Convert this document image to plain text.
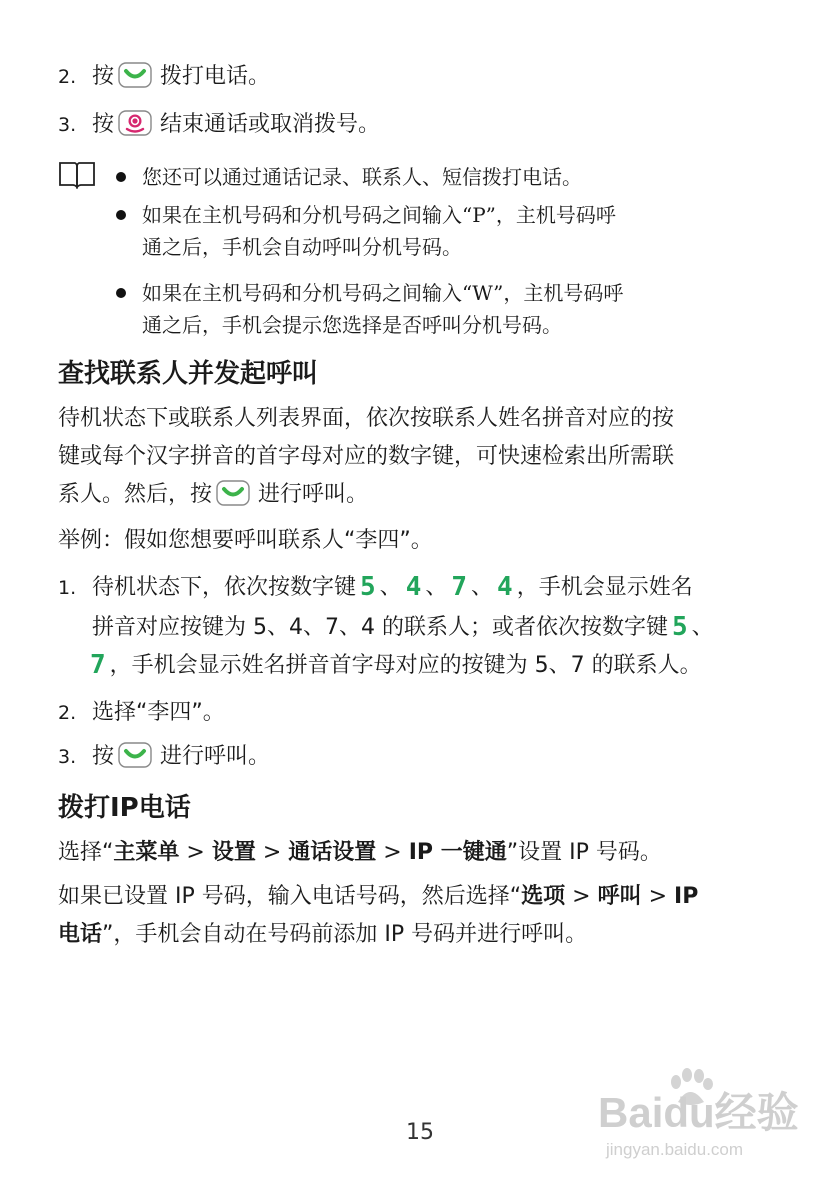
2. 按 拨打电话。
3. 按 结束通话或取消拨号。
您还可以通过通话记录、联系人、短信拨打电话。
如果在主机号码和分机号码之间输入“P”，主机号码呼
通之后，手机会自动呼叫分机号码。
如果在主机号码和分机号码之间输入“W”，主机号码呼
通之后，手机会提示您选择是否呼叫分机号码。
查找联系人并发起呼叫
待机状态下或联系人列表界面，依次按联系人姓名拼音对应的按
键或每个汉字拼音的首字母对应的数字键，可快速检索出所需联
系人。然后，按 进行呼叫。
举例：假如您想要呼叫联系人“李四”。
1. 待机状态下，依次按数字键 5 、 4 、 7 、 4 ，手机会显示姓名
拼音对应按键为 5、4、7、4 的联系人；或者依次按数字键 5 、
7 ，手机会显示姓名拼音首字母对应的按键为 5、7 的联系人。
2. 选择“李四”。
3. 按 进行呼叫。
拨打IP电话
选择“主菜单 > 设置 > 通话设置 > IP 一键通”设置 IP 号码。
如果已设置 IP 号码，输入电话号码，然后选择“选项 > 呼叫 > IP
电话”，手机会自动在号码前添加 IP 号码并进行呼叫。
15	Baidu经验
jingyan.baidu.com
